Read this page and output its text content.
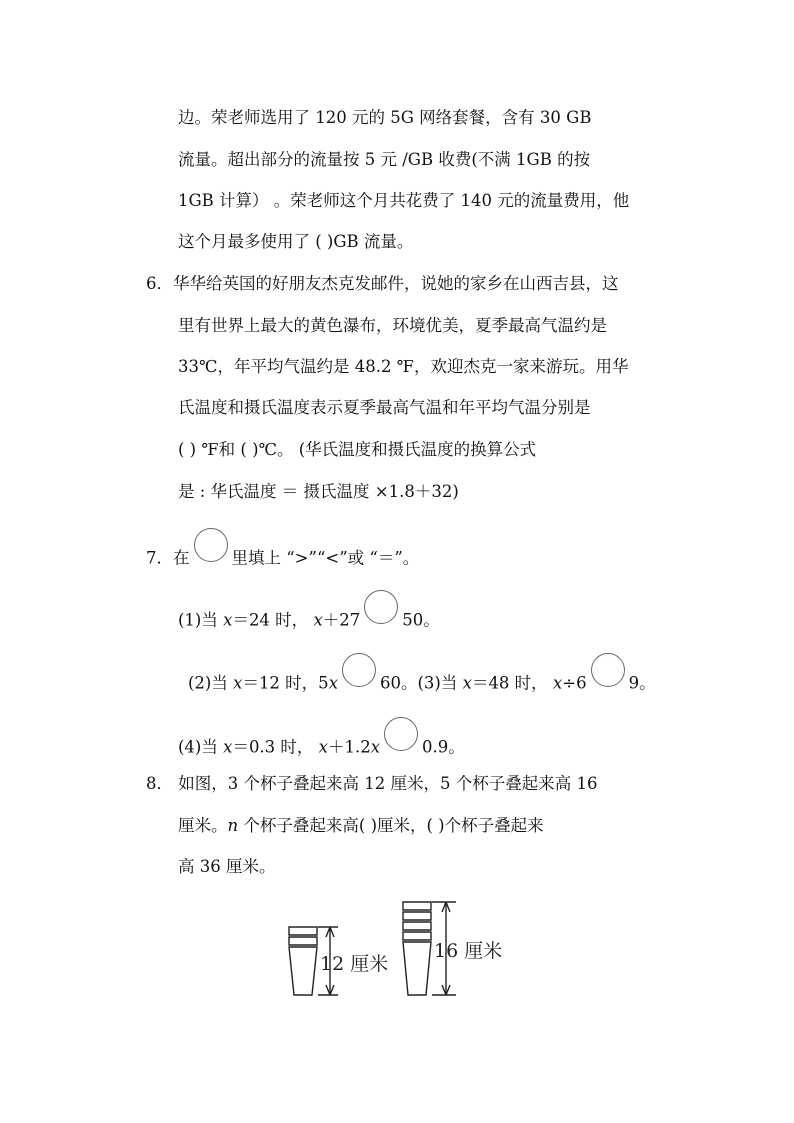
边。荣老师选用了 120 元的 5G 网络套餐，含有 30 GB
流量。超出部分的流量按 5 元 /GB 收费(不满 1GB 的按
1GB 计算） 。荣老师这个月共花费了 140 元的流量费用，他
这个月最多使用了 ( )GB 流量。
6．华华给英国的好朋友杰克发邮件，说她的家乡在山西吉县，这
里有世界上最大的黄色瀑布，环境优美，夏季最高气温约是
33℃，年平均气温约是 48.2 ℉，欢迎杰克一家来游玩。用华
氏温度和摄氏温度表示夏季最高气温和年平均气温分别是
( ) ℉和 ( )℃。 (华氏温度和摄氏温度的换算公式
是 : 华氏温度 ＝ 摄氏温度 ×1.8＋32)
7．在	里填上 “>”“<”或 “＝”。
(1)当 x＝24 时， x＋27	50。
(2)当 x＝12 时，5x	60。(3)当 x＝48 时， x÷6	9。
(4)当 x＝0.3 时， x＋1.2x	0.9。
8． 如图，3 个杯子叠起来高 12 厘米，5 个杯子叠起来高 16
厘米。n 个杯子叠起来高( )厘米，( )个杯子叠起来
高 36 厘米。
12 厘米
16 厘米
